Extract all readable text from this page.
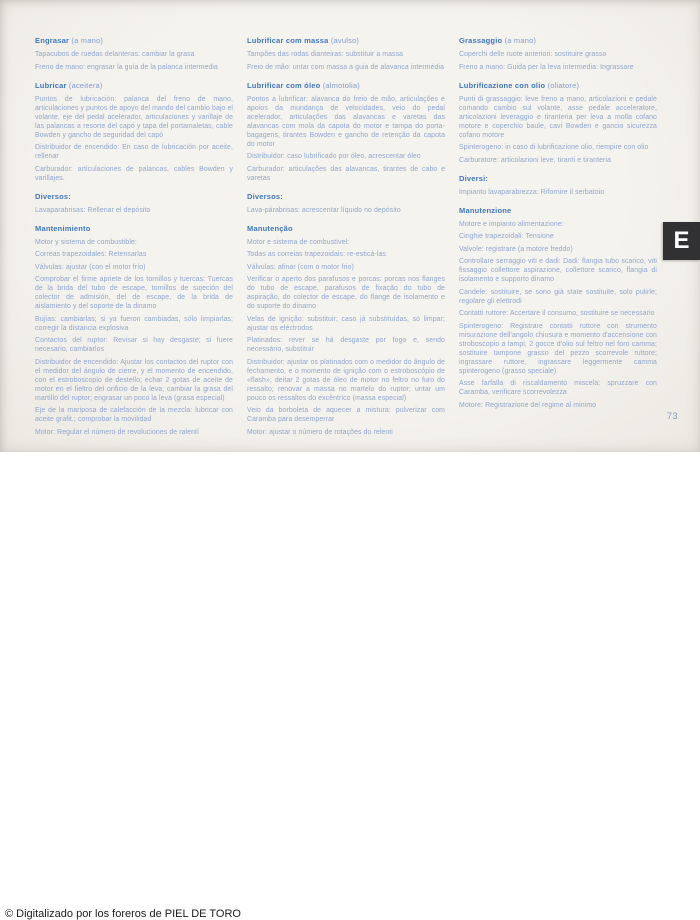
Engrasar (a mano)

Tapacubos de ruedas delanteras: cambiar la grasa

Freno de mano: engrasar la guía de la palanca intermedia

Lubricar (aceitera)

Puntos de lubricación: palanca del freno de mano, articulaciones y puntos de apoyo del mando del cambio bajo el volante, eje del pedal acelerador, articulaciones y varillaje de las palancas a resorte del capó y tapa del portamaletas, cable Bowden y gancho de seguridad del capó

Distribuidor de encendido: En caso de lubricación por aceite, rellenar

Carburador: articulaciones de palancas, cables Bowden y varillajes.

Diversos:

Lavaparabrisas: Rellenar el depósito

Mantenimiento

Motor y sistema de combustible:

Correas trapezoidales: Retensarlas

Válvulas: ajustar (con el motor frío)

Comprobar el firme apriete de los tornillos y tuercas: Tuercas de la brida del tubo de escape, tornillos de sujeción del colector de admisión, del de escape, de la brida de aislamiento y del soporte de la dinamo

Bujías: cambiarlas; si ya fueron cambiadas, sólo limpiarlas; corregir la distancia explosiva

Contactos del ruptor: Revisar si hay desgaste; si fuere necesario, cambiarlos

Distribuidor de encendido: Ajustar los contactos del ruptor con el medidor del ángulo de cierre, y el momento de encendido, con el estroboscopio de destello; echar 2 gotas de aceite de motor en el fieltro del orificio de la leva; cambiar la grasa del martillo del ruptor; engrasar un poco la leva (grasa especial)

Eje de la mariposa de calefacción de la mezcla: lubricar con aceite grafit.; comprobar la movilidad

Motor: Regular el número de revoluciones de ralentí

Lubrificar com massa (avulso)

Tampões das rodas dianteiras: substituir a massa

Freio de mão: untar com massa a guia de alavanca intermédia

Lubrificar com óleo (almotolia)

Pontos a lubrificar: alavanca do freio de mão, articulações e apoios da mundança de velocidades, veio do pedal acelerador, articulações das alavancas e varetas das alavancas com mola da capota do motor e tampa do porta-bagagens, tirantes Bowden e gancho de retenção da capota do motor

Distribuidor: caso lubrificado por óleo, acrescentar óleo

Carburador: articulações das alavancas, tirantes de cabo e varetas

Diversos:

Lava-párabrisas: acrescentar líquido no depósito

Manutenção

Motor e sistema de combustível:

Todas as correias trapezoidais: re-esticá-las

Válvulas: afinar (com o motor frio)

Verificar o aperto dos parafusos e porcas: porcas nos flanges do tubo de escape, parafusos de fixação do tubo de aspiração, do colector de escape, do flange de isolamento e do suporte do dínamo

Velas de ignição: substituir; caso já substituídas, só limpar; ajustar os eléctrodos

Platinados: rever se há desgaste por fogo e, sendo necessário, substituir

Distribuidor: ajustar os platinados com o medidor do ângulo de fechamento, e o momento de ignição com o estroboscópio de «flash»; deitar 2 gotas de óleo de motor no feltro no furo do ressalto; renovar a massa no martelo do ruptor; untar um pouco os ressaltos do excêntrico (massa especial)

Veio da borboleta de aquecer a mistura: pulverizar com Caramba para desemperrar

Motor: ajustar o número de rotações do relenti

Grassaggio (a mano)

Coperchi delle ruote anteriori: sostituire grasso

Freno a mano: Guida per la leva intermedia: Ingrassare

Lubrificazione con olio (oliatore)

Punti di grassaggio: leve freno a mano, articolazioni e pedale comando cambio sul volante, asse pedale acceleratore, articolazioni leveraggio e tiranteria per leva a molla cofano motore e coperchio baule, cavi Bowden e gancio sicurezza cofano motore

Spinterogeno: in caso di lubrificazione olio, riempire con olio

Carburatore: articolazioni leve, tiranti e tiranteria

Diversi:

Impianto lavaparabrezza: Rifornire il serbatoio

Manutenzione

Motore e impianto alimentazione:

Cinghie trapezoidali: Tensione

Valvole: registrare (a motore freddo)

Controllare serraggio viti e dadi: Dadi: flangia tubo scarico, viti fissaggio collettore aspirazione, collettore scarico, flangia di isolamento e supporto dinamo

Candele: sostituire, se sono già state sostituite, solo pulirle; regolare gli elettrodi

Contatti ruttore: Accertare il consumo, sostituire se necessario

Spinterogeno: Registrare contatti ruttore con strumento misurazione dell'angolo chiusura e momento d'accensione con stroboscopio a lampi, 2 gocce d'olio sul feltro nel foro camma; sostituire tampone grasso del pezzo scorrevole ruttore; ingrassare ruttore, ingrassare leggermente camma spinterogeno (grasso speciale)

Asse farfalla di riscaldamento miscela: spruzzare con Caramba, verificare scorrevolezza

Motore: Registrazione del regime al minimo

E
73
© Digitalizado por los foreros de PIEL DE TORO
